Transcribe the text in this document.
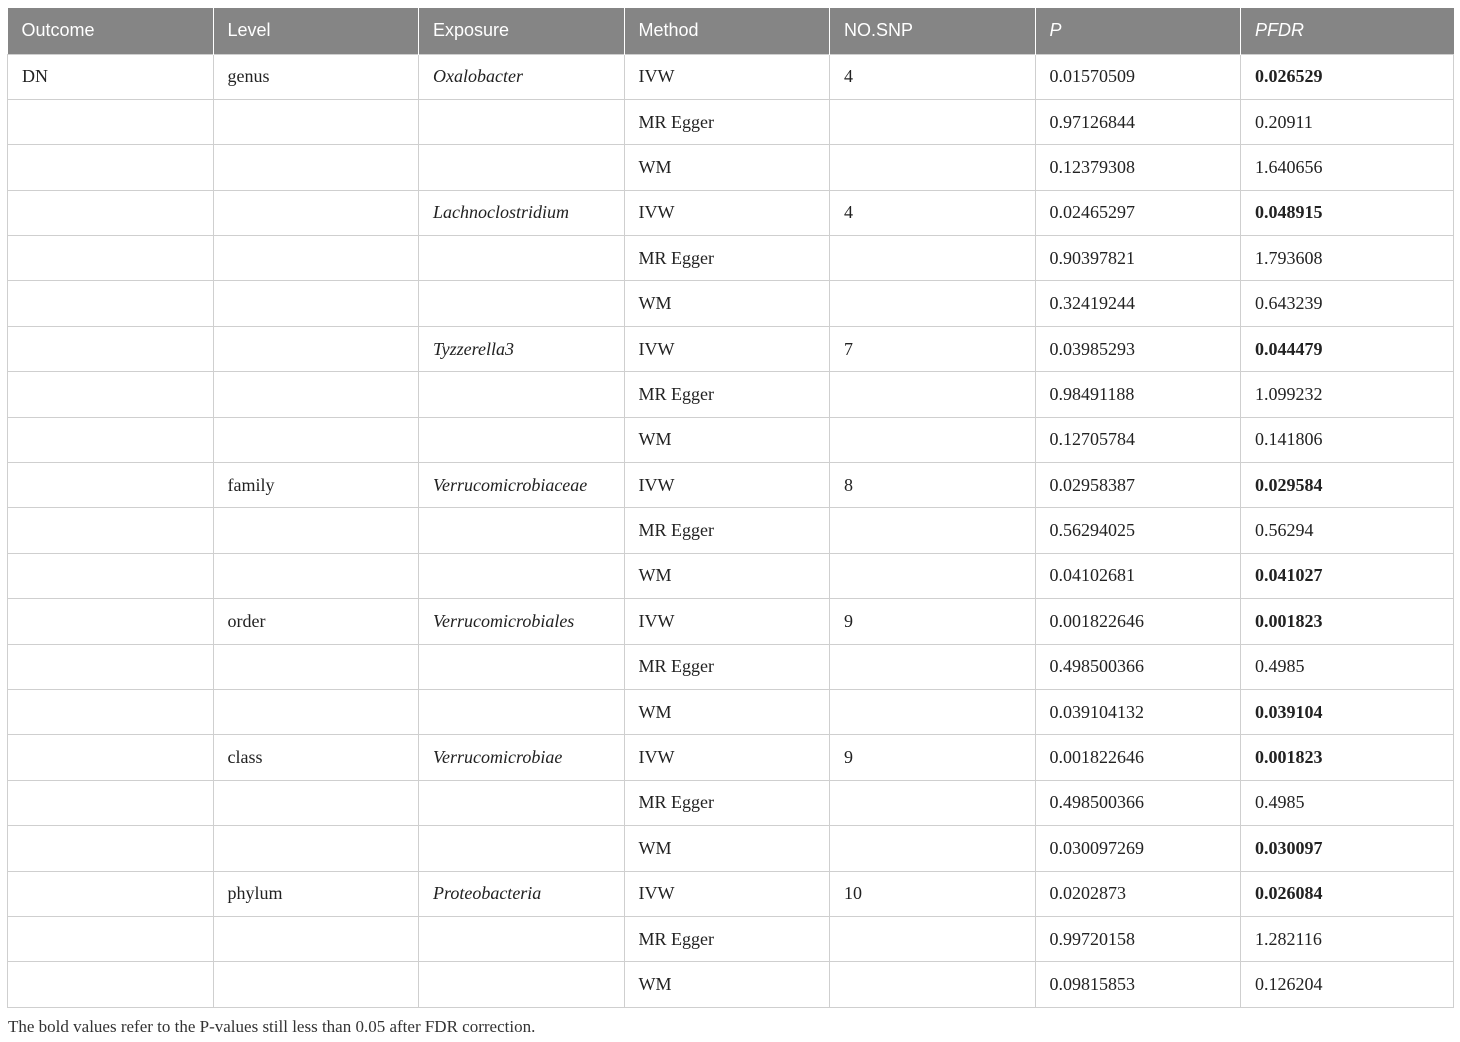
Outcome	Level	Exposure	Method	NO.SNP	P	PFDR
DN	genus	Oxalobacter	IVW	4	0.01570509	0.026529
			MR Egger		0.97126844	0.20911
			WM		0.12379308	1.640656
		Lachnoclostridium	IVW	4	0.02465297	0.048915
			MR Egger		0.90397821	1.793608
			WM		0.32419244	0.643239
		Tyzzerella3	IVW	7	0.03985293	0.044479
			MR Egger		0.98491188	1.099232
			WM		0.12705784	0.141806
	family	Verrucomicrobiaceae	IVW	8	0.02958387	0.029584
			MR Egger		0.56294025	0.56294
			WM		0.04102681	0.041027
	order	Verrucomicrobiales	IVW	9	0.001822646	0.001823
			MR Egger		0.498500366	0.4985
			WM		0.039104132	0.039104
	class	Verrucomicrobiae	IVW	9	0.001822646	0.001823
			MR Egger		0.498500366	0.4985
			WM		0.030097269	0.030097
	phylum	Proteobacteria	IVW	10	0.0202873	0.026084
			MR Egger		0.99720158	1.282116
			WM		0.09815853	0.126204
The bold values refer to the P-values still less than 0.05 after FDR correction.
